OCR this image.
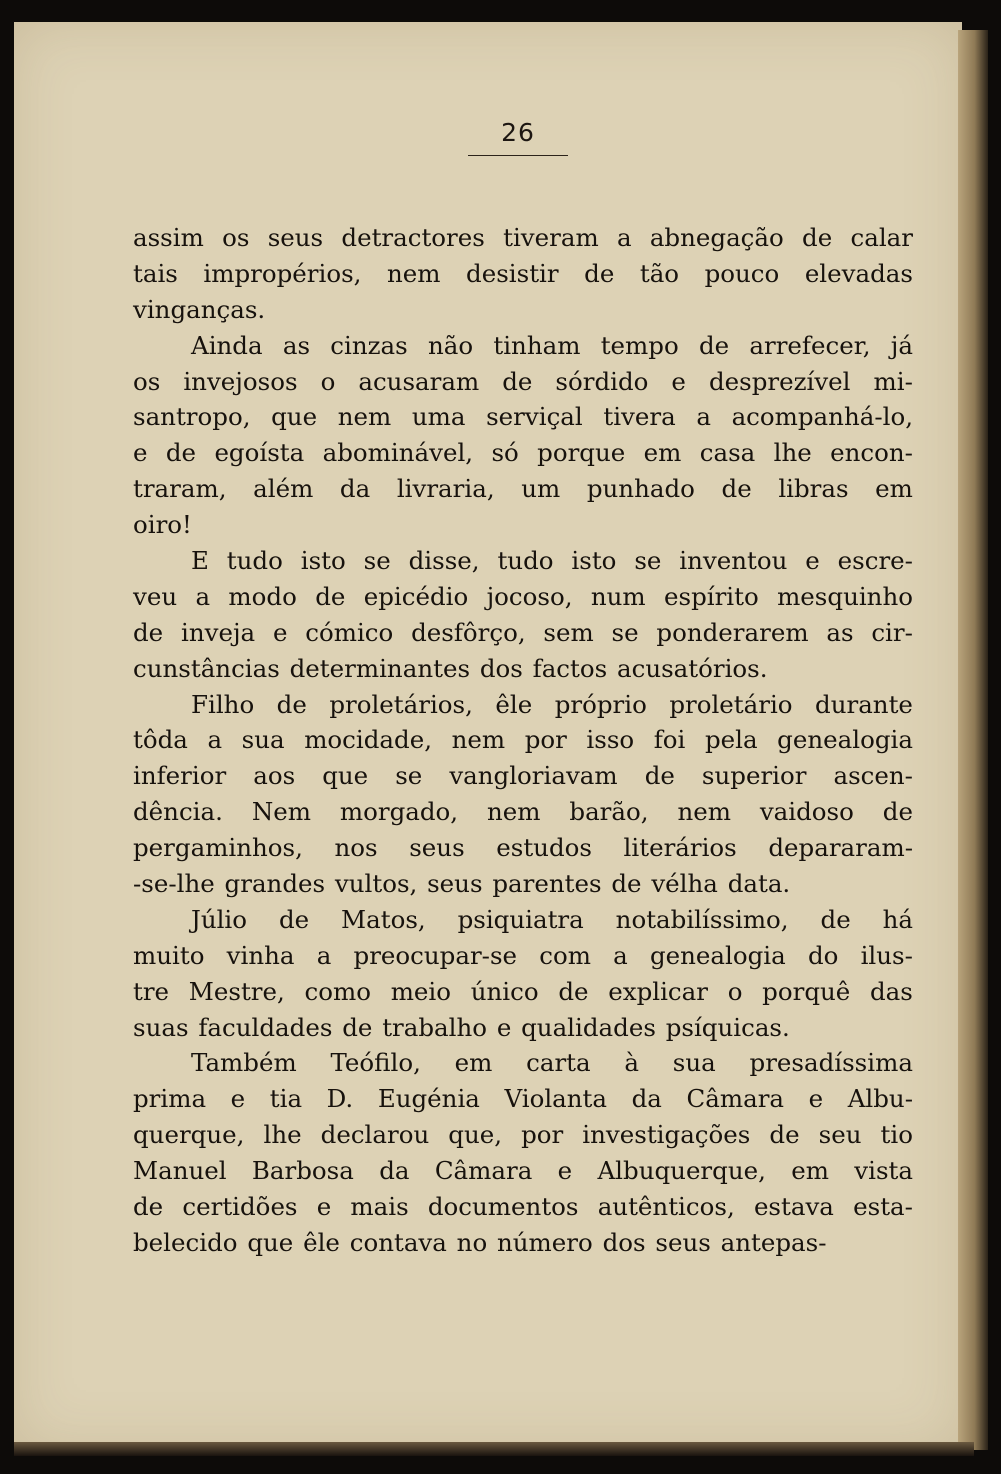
26
assim os seus detractores tiveram a abnegação de calar
tais impropérios, nem desistir de tão pouco elevadas
vinganças.
Ainda as cinzas não tinham tempo de arrefecer, já
os invejosos o acusaram de sórdido e desprezível mi-
santropo, que nem uma serviçal tivera a acompanhá-lo,
e de egoísta abominável, só porque em casa lhe encon-
traram, além da livraria, um punhado de libras em
oiro!
E tudo isto se disse, tudo isto se inventou e escre-
veu a modo de epicédio jocoso, num espírito mesquinho
de inveja e cómico desfôrço, sem se ponderarem as cir-
cunstâncias determinantes dos factos acusatórios.
Filho de proletários, êle próprio proletário durante
tôda a sua mocidade, nem por isso foi pela genealogia
inferior aos que se vangloriavam de superior ascen-
dência. Nem morgado, nem barão, nem vaidoso de
pergaminhos, nos seus estudos literários depararam-
-se-lhe grandes vultos, seus parentes de vélha data.
Júlio de Matos, psiquiatra notabilíssimo, de há
muito vinha a preocupar-se com a genealogia do ilus-
tre Mestre, como meio único de explicar o porquê das
suas faculdades de trabalho e qualidades psíquicas.
Também Teófilo, em carta à sua presadíssima
prima e tia D. Eugénia Violanta da Câmara e Albu-
querque, lhe declarou que, por investigações de seu tio
Manuel Barbosa da Câmara e Albuquerque, em vista
de certidões e mais documentos autênticos, estava esta-
belecido que êle contava no número dos seus antepas-
